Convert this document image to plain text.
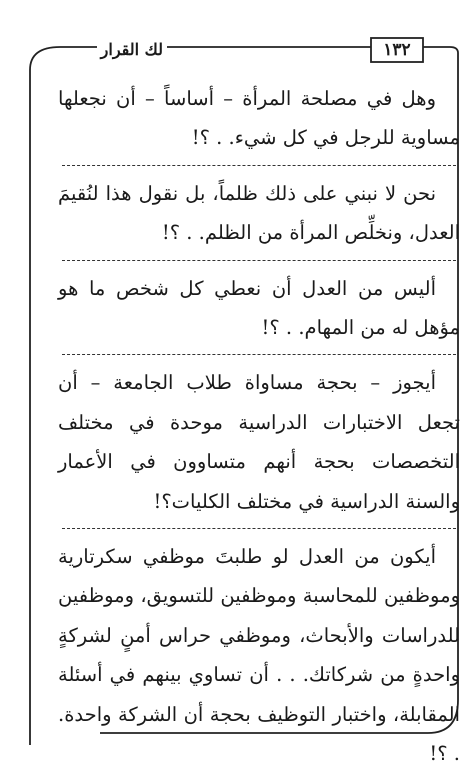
١٣٢
لك القرار

وهل في مصلحة المرأة – أساساً – أن نجعلها مساوية للرجل في كل شيء. . ؟!

نحن لا نبني على ذلك ظلماً، بل نقول هذا لنُقيمَ العدل، ونخلِّص المرأة من الظلم. . ؟!

أليس من العدل أن نعطي كل شخص ما هو مؤهل له من المهام. . ؟!

أيجوز – بحجة مساواة طلاب الجامعة – أن تجعل الاختبارات الدراسية موحدة في مختلف التخصصات بحجة أنهم متساوون في الأعمار والسنة الدراسية في مختلف الكليات؟!

أيكون من العدل لو طلبتَ موظفي سكرتارية وموظفين للمحاسبة وموظفين للتسويق، وموظفين للدراسات والأبحاث، وموظفي حراس أمنٍ لشركةٍ واحدةٍ من شركاتك. . . أن تساوي بينهم في أسئلة المقابلة، واختبار التوظيف بحجة أن الشركة واحدة. . ؟!
